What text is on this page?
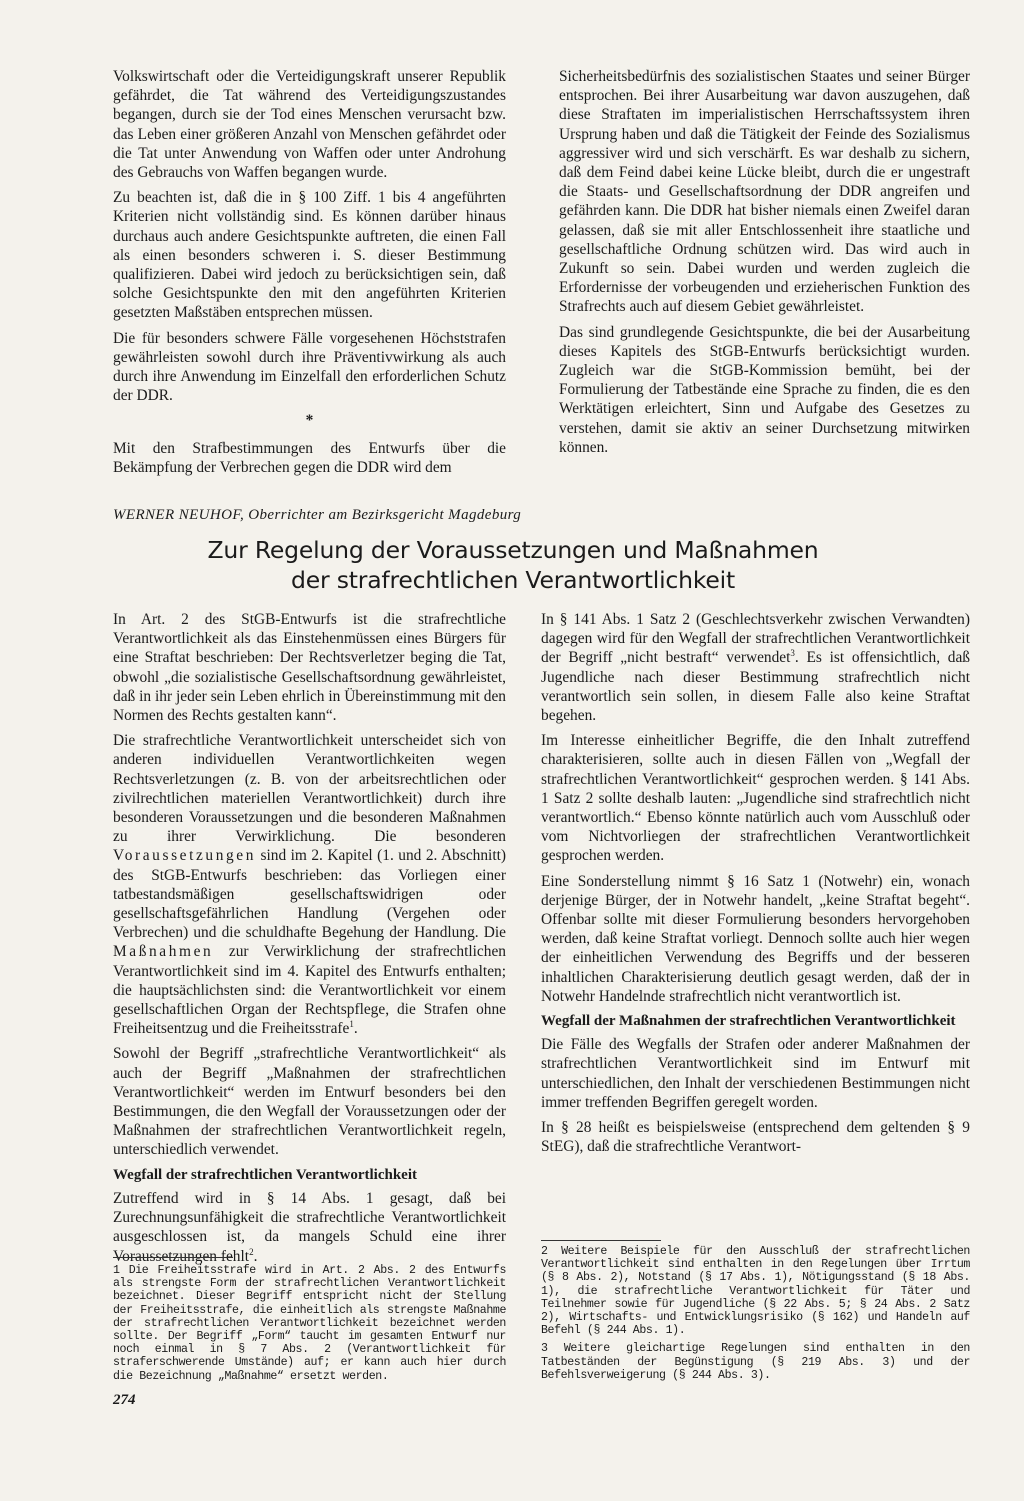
Volkswirtschaft oder die Verteidigungskraft unserer Republik gefährdet, die Tat während des Verteidigungszustandes begangen, durch sie der Tod eines Menschen verursacht bzw. das Leben einer größeren Anzahl von Menschen gefährdet oder die Tat unter Anwendung von Waffen oder unter Androhung des Gebrauchs von Waffen begangen wurde.

Zu beachten ist, daß die in § 100 Ziff. 1 bis 4 angeführten Kriterien nicht vollständig sind. Es können darüber hinaus durchaus auch andere Gesichtspunkte auftreten, die einen Fall als einen besonders schweren i. S. dieser Bestimmung qualifizieren. Dabei wird jedoch zu berücksichtigen sein, daß solche Gesichtspunkte den mit den angeführten Kriterien gesetzten Maßstäben entsprechen müssen.

Die für besonders schwere Fälle vorgesehenen Höchststrafen gewährleisten sowohl durch ihre Präventivwirkung als auch durch ihre Anwendung im Einzelfall den erforderlichen Schutz der DDR.

*

Mit den Strafbestimmungen des Entwurfs über die Bekämpfung der Verbrechen gegen die DDR wird dem

Sicherheitsbedürfnis des sozialistischen Staates und seiner Bürger entsprochen. Bei ihrer Ausarbeitung war davon auszugehen, daß diese Straftaten im imperialistischen Herrschaftssystem ihren Ursprung haben und daß die Tätigkeit der Feinde des Sozialismus aggressiver wird und sich verschärft. Es war deshalb zu sichern, daß dem Feind dabei keine Lücke bleibt, durch die er ungestraft die Staats- und Gesellschaftsordnung der DDR angreifen und gefährden kann. Die DDR hat bisher niemals einen Zweifel daran gelassen, daß sie mit aller Entschlossenheit ihre staatliche und gesellschaftliche Ordnung schützen wird. Das wird auch in Zukunft so sein. Dabei wurden und werden zugleich die Erfordernisse der vorbeugenden und erzieherischen Funktion des Strafrechts auch auf diesem Gebiet gewährleistet.

Das sind grundlegende Gesichtspunkte, die bei der Ausarbeitung dieses Kapitels des StGB-Entwurfs berücksichtigt wurden. Zugleich war die StGB-Kommission bemüht, bei der Formulierung der Tatbestände eine Sprache zu finden, die es den Werktätigen erleichtert, Sinn und Aufgabe des Gesetzes zu verstehen, damit sie aktiv an seiner Durchsetzung mitwirken können.

WERNER NEUHOF, Oberrichter am Bezirksgericht Magdeburg
Zur Regelung der Voraussetzungen und Maßnahmen
der strafrechtlichen Verantwortlichkeit

In Art. 2 des StGB-Entwurfs ist die strafrechtliche Verantwortlichkeit als das Einstehenmüssen eines Bürgers für eine Straftat beschrieben: Der Rechtsverletzer beging die Tat, obwohl „die sozialistische Gesellschaftsordnung gewährleistet, daß in ihr jeder sein Leben ehrlich in Übereinstimmung mit den Normen des Rechts gestalten kann“.

Die strafrechtliche Verantwortlichkeit unterscheidet sich von anderen individuellen Verantwortlichkeiten wegen Rechtsverletzungen (z. B. von der arbeitsrechtlichen oder zivilrechtlichen materiellen Verantwortlichkeit) durch ihre besonderen Voraussetzungen und die besonderen Maßnahmen zu ihrer Verwirklichung. Die besonderen Voraussetzungen sind im 2. Kapitel (1. und 2. Abschnitt) des StGB-Entwurfs beschrieben: das Vorliegen einer tatbestandsmäßigen gesellschaftswidrigen oder gesellschaftsgefährlichen Handlung (Vergehen oder Verbrechen) und die schuldhafte Begehung der Handlung. Die Maßnahmen zur Verwirklichung der strafrechtlichen Verantwortlichkeit sind im 4. Kapitel des Entwurfs enthalten; die hauptsächlichsten sind: die Verantwortlichkeit vor einem gesellschaftlichen Organ der Rechtspflege, die Strafen ohne Freiheitsentzug und die Freiheitsstrafe$^1$.

Sowohl der Begriff „strafrechtliche Verantwortlichkeit“ als auch der Begriff „Maßnahmen der strafrechtlichen Verantwortlichkeit“ werden im Entwurf besonders bei den Bestimmungen, die den Wegfall der Voraussetzungen oder der Maßnahmen der strafrechtlichen Verantwortlichkeit regeln, unterschiedlich verwendet.

Wegfall der strafrechtlichen Verantwortlichkeit

Zutreffend wird in § 14 Abs. 1 gesagt, daß bei Zurechnungsunfähigkeit die strafrechtliche Verantwortlichkeit ausgeschlossen ist, da mangels Schuld eine ihrer Voraussetzungen fehlt$^2$.

In § 141 Abs. 1 Satz 2 (Geschlechtsverkehr zwischen Verwandten) dagegen wird für den Wegfall der strafrechtlichen Verantwortlichkeit der Begriff „nicht bestraft“ verwendet$^3$. Es ist offensichtlich, daß Jugendliche nach dieser Bestimmung strafrechtlich nicht verantwortlich sein sollen, in diesem Falle also keine Straftat begehen.

Im Interesse einheitlicher Begriffe, die den Inhalt zutreffend charakterisieren, sollte auch in diesen Fällen von „Wegfall der strafrechtlichen Verantwortlichkeit“ gesprochen werden. § 141 Abs. 1 Satz 2 sollte deshalb lauten: „Jugendliche sind strafrechtlich nicht verantwortlich.“ Ebenso könnte natürlich auch vom Ausschluß oder vom Nichtvorliegen der strafrechtlichen Verantwortlichkeit gesprochen werden.

Eine Sonderstellung nimmt § 16 Satz 1 (Notwehr) ein, wonach derjenige Bürger, der in Notwehr handelt, „keine Straftat begeht“. Offenbar sollte mit dieser Formulierung besonders hervorgehoben werden, daß keine Straftat vorliegt. Dennoch sollte auch hier wegen der einheitlichen Verwendung des Begriffs und der besseren inhaltlichen Charakterisierung deutlich gesagt werden, daß der in Notwehr Handelnde strafrechtlich nicht verantwortlich ist.

Wegfall der Maßnahmen der strafrechtlichen Verantwortlichkeit

Die Fälle des Wegfalls der Strafen oder anderer Maßnahmen der strafrechtlichen Verantwortlichkeit sind im Entwurf mit unterschiedlichen, den Inhalt der verschiedenen Bestimmungen nicht immer treffenden Begriffen geregelt worden.

In § 28 heißt es beispielsweise (entsprechend dem geltenden § 9 StEG), daß die strafrechtliche Verantwort-

1 Die Freiheitsstrafe wird in Art. 2 Abs. 2 des Entwurfs als strengste Form der strafrechtlichen Verantwortlichkeit bezeichnet. Dieser Begriff entspricht nicht der Stellung der Freiheitsstrafe, die einheitlich als strengste Maßnahme der strafrechtlichen Verantwortlichkeit bezeichnet werden sollte. Der Begriff „Form“ taucht im gesamten Entwurf nur noch einmal in § 7 Abs. 2 (Verantwortlichkeit für straferschwerende Umstände) auf; er kann auch hier durch die Bezeichnung „Maßnahme“ ersetzt werden.

2 Weitere Beispiele für den Ausschluß der strafrechtlichen Verantwortlichkeit sind enthalten in den Regelungen über Irrtum (§ 8 Abs. 2), Notstand (§ 17 Abs. 1), Nötigungsstand (§ 18 Abs. 1), die strafrechtliche Verantwortlichkeit für Täter und Teilnehmer sowie für Jugendliche (§ 22 Abs. 5; § 24 Abs. 2 Satz 2), Wirtschafts- und Entwicklungsrisiko (§ 162) und Handeln auf Befehl (§ 244 Abs. 1).

3 Weitere gleichartige Regelungen sind enthalten in den Tatbeständen der Begünstigung (§ 219 Abs. 3) und der Befehlsverweigerung (§ 244 Abs. 3).

274
